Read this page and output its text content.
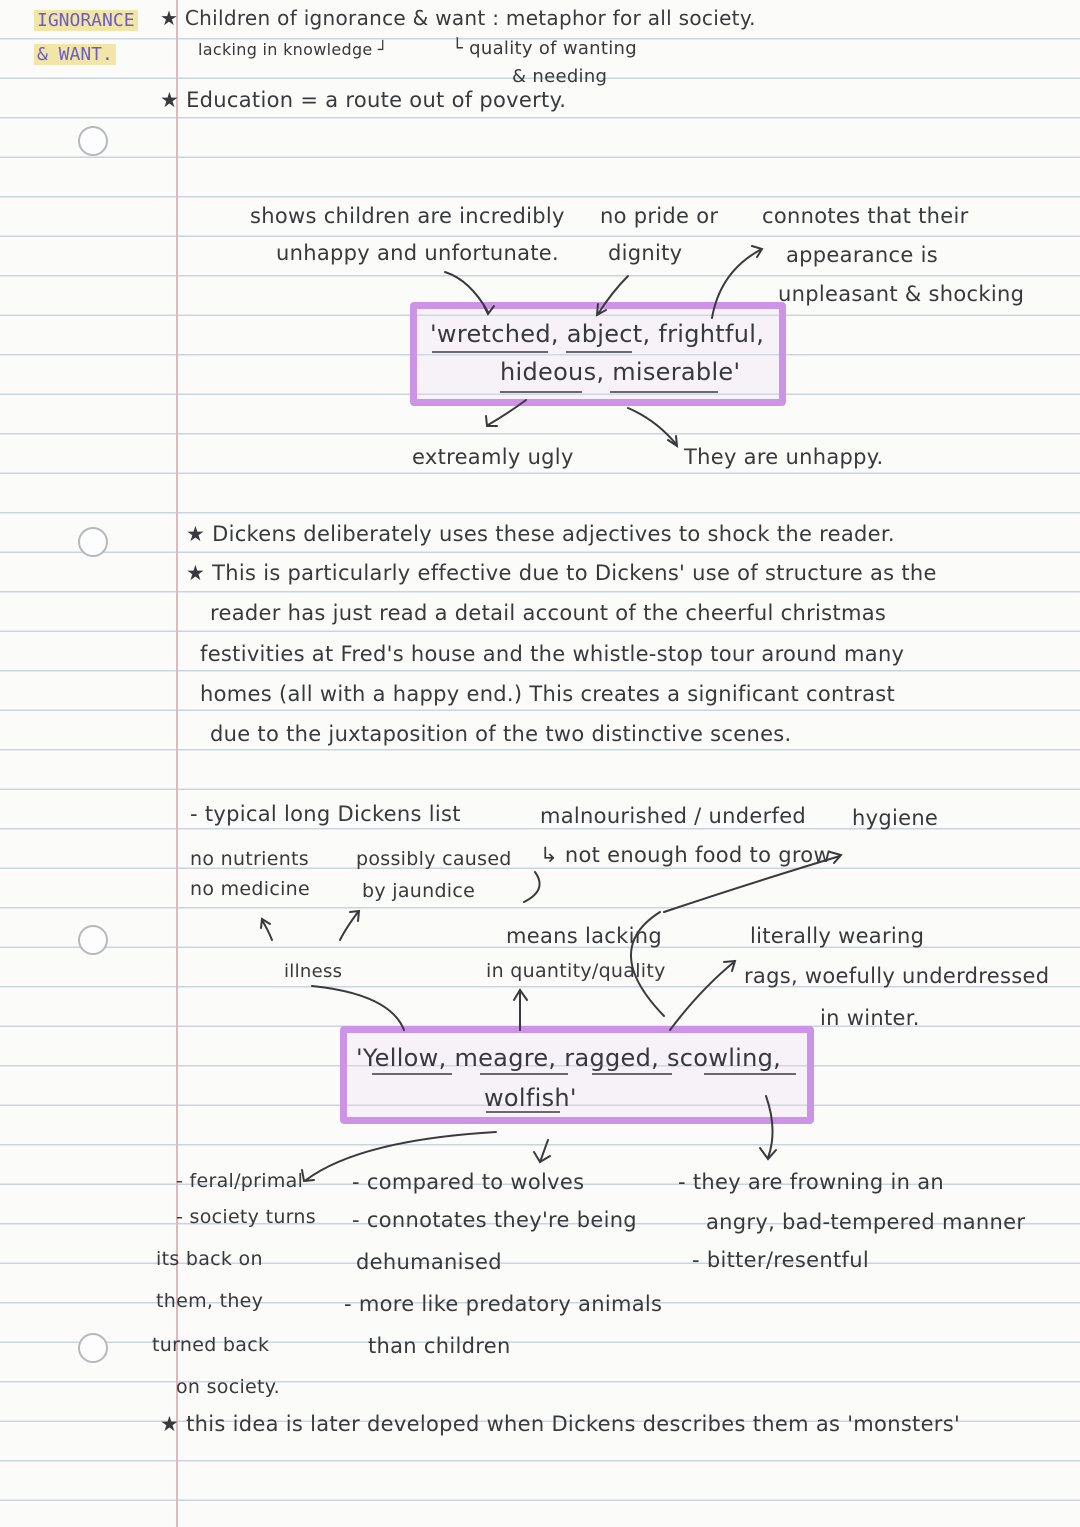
IGNORANCE
& WANT.
★ Children of ignorance & want : metaphor for all society.
lacking in knowledge ┘	└ quality of wanting
& needing
★ Education = a route out of poverty.
shows children are incredibly
unhappy and unfortunate.
no pride or
dignity
connotes that their
appearance is
unpleasant & shocking
'wretched, abject, frightful,
hideous, miserable'
extreamly ugly	They are unhappy.
★ Dickens deliberately uses these adjectives to shock the reader.
★ This is particularly effective due to Dickens' use of structure as the
reader has just read a detail account of the cheerful christmas
festivities at Fred's house and the whistle-stop tour around many
homes (all with a happy end.) This creates a significant contrast
due to the juxtaposition of the two distinctive scenes.
- typical long Dickens list	malnourished / underfed hygiene
↳ not enough food to grow
no nutrients
no medicine
possibly caused
by jaundice
illness
means lacking
in quantity/quality
literally wearing
rags, woefully underdressed
in winter.
'Yellow, meagre, ragged, scowling,
wolfish'
- feral/primal
- society turns
its back on
them, they
turned back
on society.
- compared to wolves
- connotates they're being
dehumanised
- more like predatory animals
than children
- they are frowning in an
angry, bad-tempered manner
- bitter/resentful
★ this idea is later developed when Dickens describes them as 'monsters'
